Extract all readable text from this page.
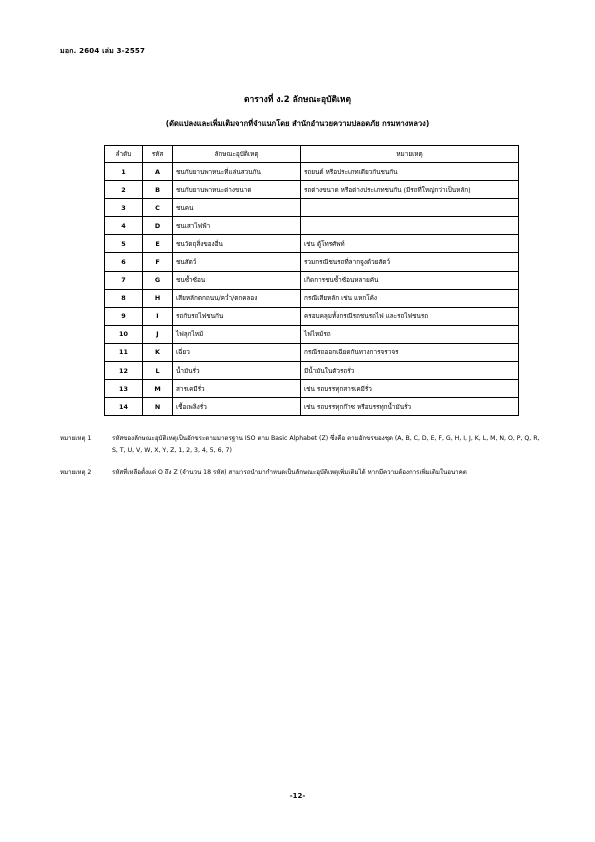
มอก. 2604 เล่ม 3-2557
ตารางที่ ง.2 ลักษณะอุบัติเหตุ
(ดัดแปลงและเพิ่มเติมจากที่จำแนกโดย สำนักอำนวยความปลอดภัย กรมทางหลวง)
ลำดับ	รหัส	ลักษณะอุบัติเหตุ	หมายเหตุ
1	A	ชนกับยานพาหนะที่แล่นสวนกัน	รถยนต์ หรือประเภทเดียวกันชนกัน
2	B	ชนกับยานพาหนะต่างขนาด	รถต่างขนาด หรือต่างประเภทชนกัน (มีรถที่ใหญ่กว่าเป็นหลัก)
3	C	ชนคน	
4	D	ชนเสาไฟฟ้า	
5	E	ชนวัตถุสิ่งของอื่น	เช่น ตู้โทรศัพท์
6	F	ชนสัตว์	รวมกรณีชนรถที่ลากจูงด้วยสัตว์
7	G	ชนซ้ำซ้อน	เกิดการชนซ้ำซ้อนหลายคัน
8	H	เสียหลักตกถนน/คว่ำ/ตกคลอง	กรณีเสียหลัก เช่น แหกโค้ง
9	I	รถกับรถไฟชนกัน	ครอบคลุมทั้งกรณีรถชนรถไฟ และรถไฟชนรถ
10	J	ไฟลุกไหม้	ไฟไหม้รถ
11	K	เฉี่ยว	กรณีรถออกเฉียดกันทางการจราจร
12	L	น้ำมันรั่ว	มีน้ำมันในตัวรถรั่ว
13	M	สารเคมีรั่ว	เช่น รถบรรทุกสารเคมีรั่ว
14	N	เชื้อเพลิงรั่ว	เช่น รถบรรทุกก๊าซ หรือบรรทุกน้ำมันรั่ว
หมายเหตุ 1	รหัสของลักษณะอุบัติเหตุเป็นอักขระตามมาตรฐาน ISO ตาม Basic Alphabet (Z) ซึ่งคือ ตามอักขรของชุด (A, B, C, D, E, F, G, H, I, J, K, L, M, N, O, P, Q, R, S, T, U, V, W, X, Y, Z, 1, 2, 3, 4, 5, 6, 7)
หมายเหตุ 2	รหัสที่เหลือตั้งแต่ O ถึง Z (จำนวน 18 รหัส) สามารถนำมากำหนดเป็นลักษณะอุบัติเหตุเพิ่มเติมได้ หากมีความต้องการเพิ่มเติมในอนาคต
-12-
